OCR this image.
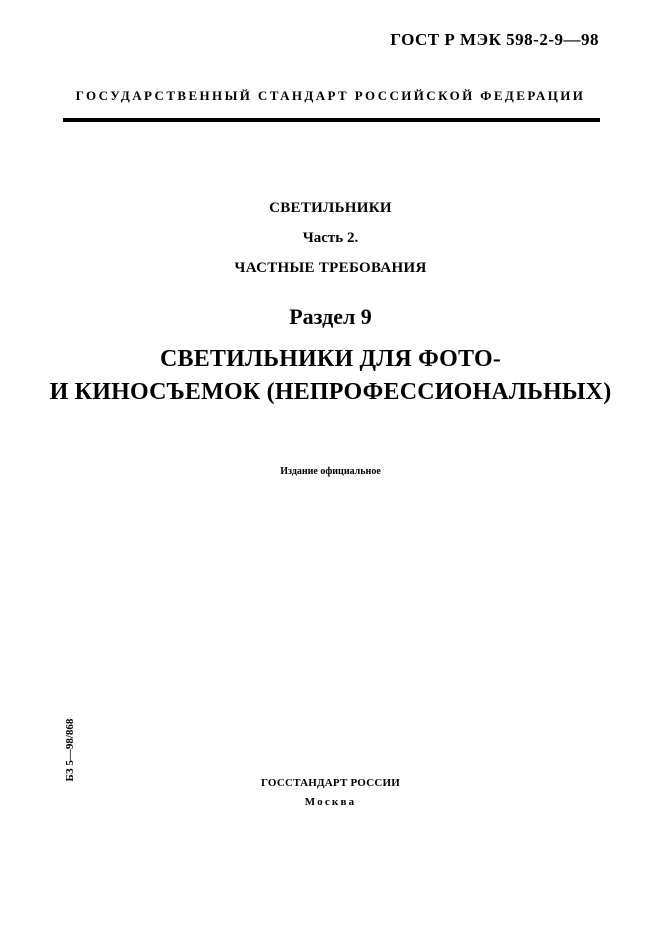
ГОСТ Р МЭК 598-2-9—98
ГОСУДАРСТВЕННЫЙ СТАНДАРТ РОССИЙСКОЙ ФЕДЕРАЦИИ
СВЕТИЛЬНИКИ
Часть 2.
ЧАСТНЫЕ ТРЕБОВАНИЯ
Раздел 9
СВЕТИЛЬНИКИ ДЛЯ ФОТО-
И КИНОСЪЕМОК (НЕПРОФЕССИОНАЛЬНЫХ)
Издание официальное
БЗ 5—98/868
ГОССТАНДАРТ РОССИИ
Москва
